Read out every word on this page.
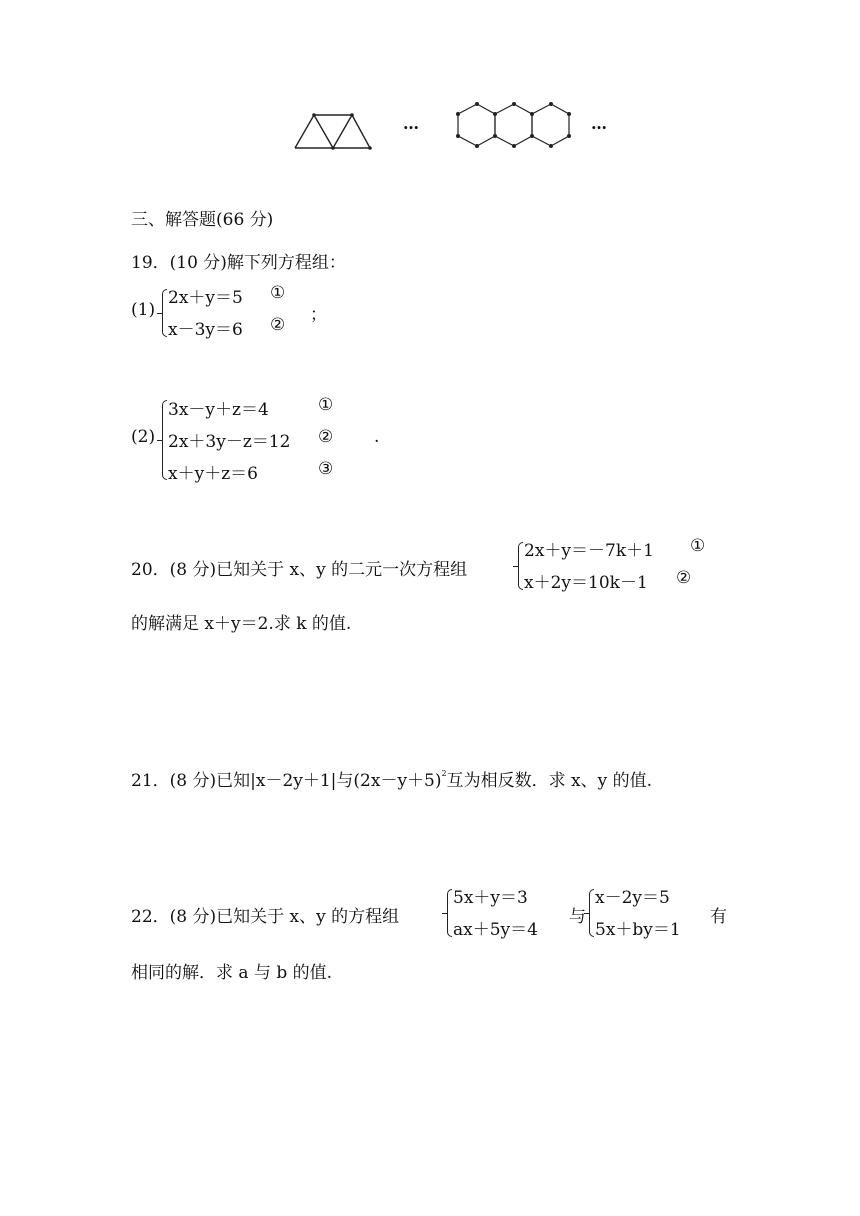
…	…
三、解答题(66 分)
19．(10 分)解下列方程组：
(1)
2x＋y＝5 ①
x－3y＝6 ② ；
(2)
3x－y＋z＝4	①
2x＋3y－z＝12 ②
x＋y＋z＝6	③
.
20．(8 分)已知关于 x、y 的二元一次方程组
2x＋y＝－7k＋1 ①
x＋2y＝10k－1 ②
的解满足 x＋y＝2.求 k 的值.
21．(8 分)已知|x－2y＋1|与$(2x-y+5)^2$互为相反数．求 x、y 的值.
22．(8 分)已知关于 x、y 的方程组
5x＋y＝3
ax＋5y＝4
与
x－2y＝5
5x＋by＝1
有
相同的解．求 a 与 b 的值.
